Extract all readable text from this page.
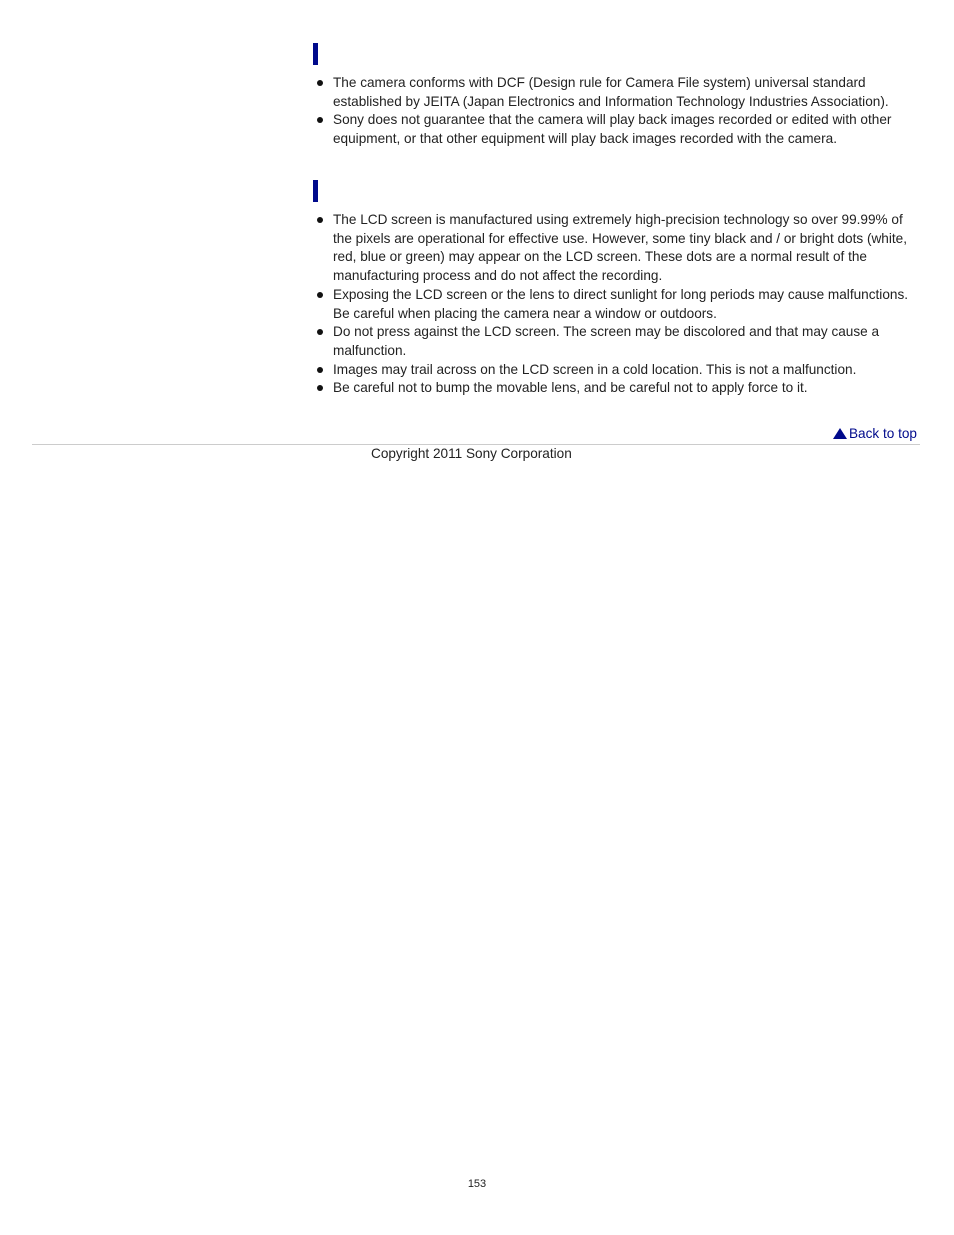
The camera conforms with DCF (Design rule for Camera File system) universal standard established by JEITA (Japan Electronics and Information Technology Industries Association).
Sony does not guarantee that the camera will play back images recorded or edited with other equipment, or that other equipment will play back images recorded with the camera.
The LCD screen is manufactured using extremely high-precision technology so over 99.99% of the pixels are operational for effective use. However, some tiny black and / or bright dots (white, red, blue or green) may appear on the LCD screen. These dots are a normal result of the manufacturing process and do not affect the recording.
Exposing the LCD screen or the lens to direct sunlight for long periods may cause malfunctions. Be careful when placing the camera near a window or outdoors.
Do not press against the LCD screen. The screen may be discolored and that may cause a malfunction.
Images may trail across on the LCD screen in a cold location. This is not a malfunction.
Be careful not to bump the movable lens, and be careful not to apply force to it.
Back to top
Copyright 2011 Sony Corporation
153
